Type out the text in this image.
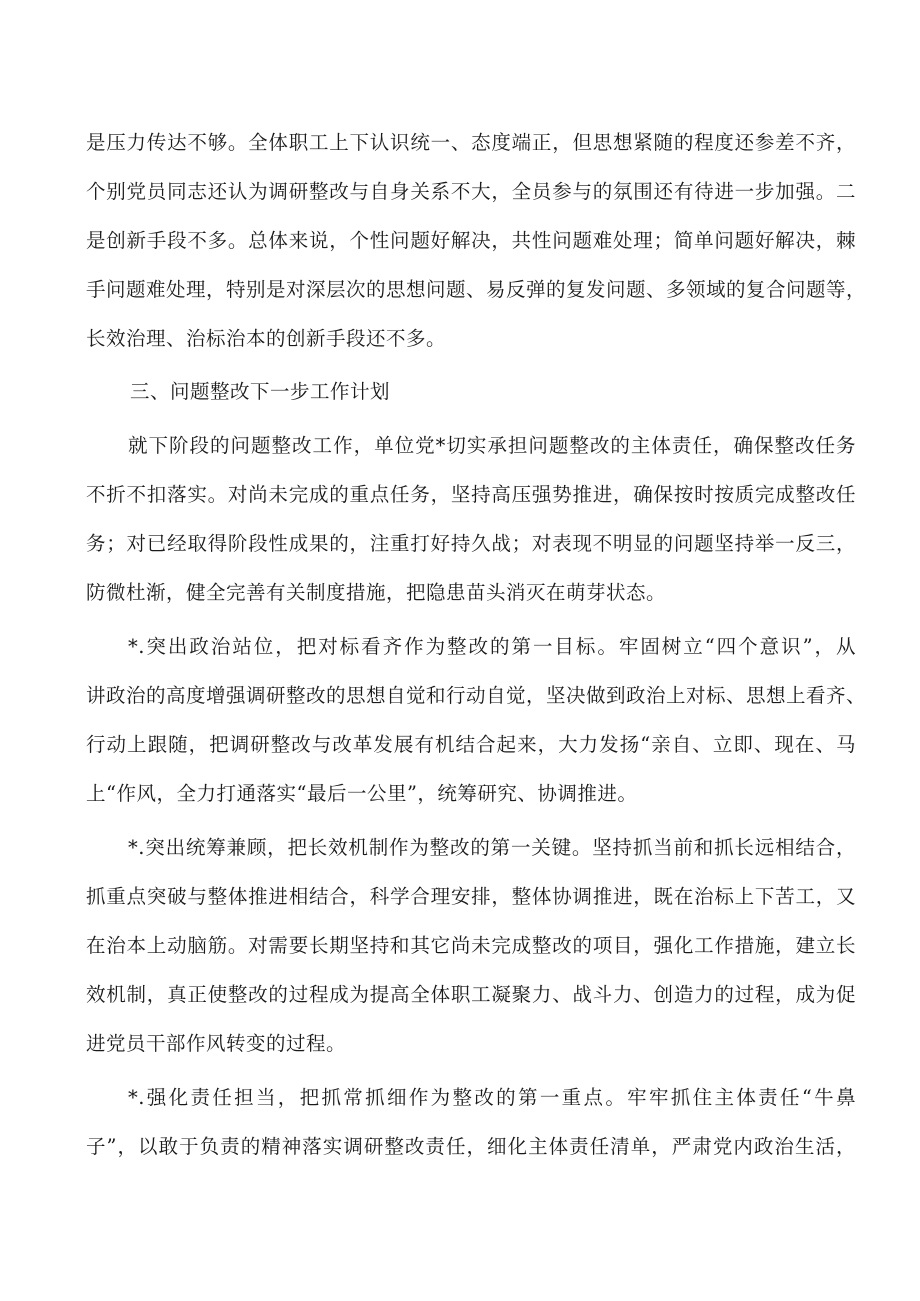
是压力传达不够。全体职工上下认识统一、态度端正，但思想紧随的程度还参差不齐，
个别党员同志还认为调研整改与自身关系不大，全员参与的氛围还有待进一步加强。二
是创新手段不多。总体来说，个性问题好解决，共性问题难处理；简单问题好解决，棘
手问题难处理，特别是对深层次的思想问题、易反弹的复发问题、多领域的复合问题等，
长效治理、治标治本的创新手段还不多。
三、问题整改下一步工作计划
就下阶段的问题整改工作，单位党*切实承担问题整改的主体责任，确保整改任务
不折不扣落实。对尚未完成的重点任务，坚持高压强势推进，确保按时按质完成整改任
务；对已经取得阶段性成果的，注重打好持久战；对表现不明显的问题坚持举一反三，
防微杜渐，健全完善有关制度措施，把隐患苗头消灭在萌芽状态。
*.突出政治站位，把对标看齐作为整改的第一目标。牢固树立“四个意识”，从
讲政治的高度增强调研整改的思想自觉和行动自觉，坚决做到政治上对标、思想上看齐、
行动上跟随，把调研整改与改革发展有机结合起来，大力发扬“亲自、立即、现在、马
上“作风，全力打通落实“最后一公里”，统筹研究、协调推进。
*.突出统筹兼顾，把长效机制作为整改的第一关键。坚持抓当前和抓长远相结合，
抓重点突破与整体推进相结合，科学合理安排，整体协调推进，既在治标上下苦工，又
在治本上动脑筋。对需要长期坚持和其它尚未完成整改的项目，强化工作措施，建立长
效机制，真正使整改的过程成为提高全体职工凝聚力、战斗力、创造力的过程，成为促
进党员干部作风转变的过程。
*.强化责任担当，把抓常抓细作为整改的第一重点。牢牢抓住主体责任“牛鼻
子”，以敢于负责的精神落实调研整改责任，细化主体责任清单，严肃党内政治生活，
